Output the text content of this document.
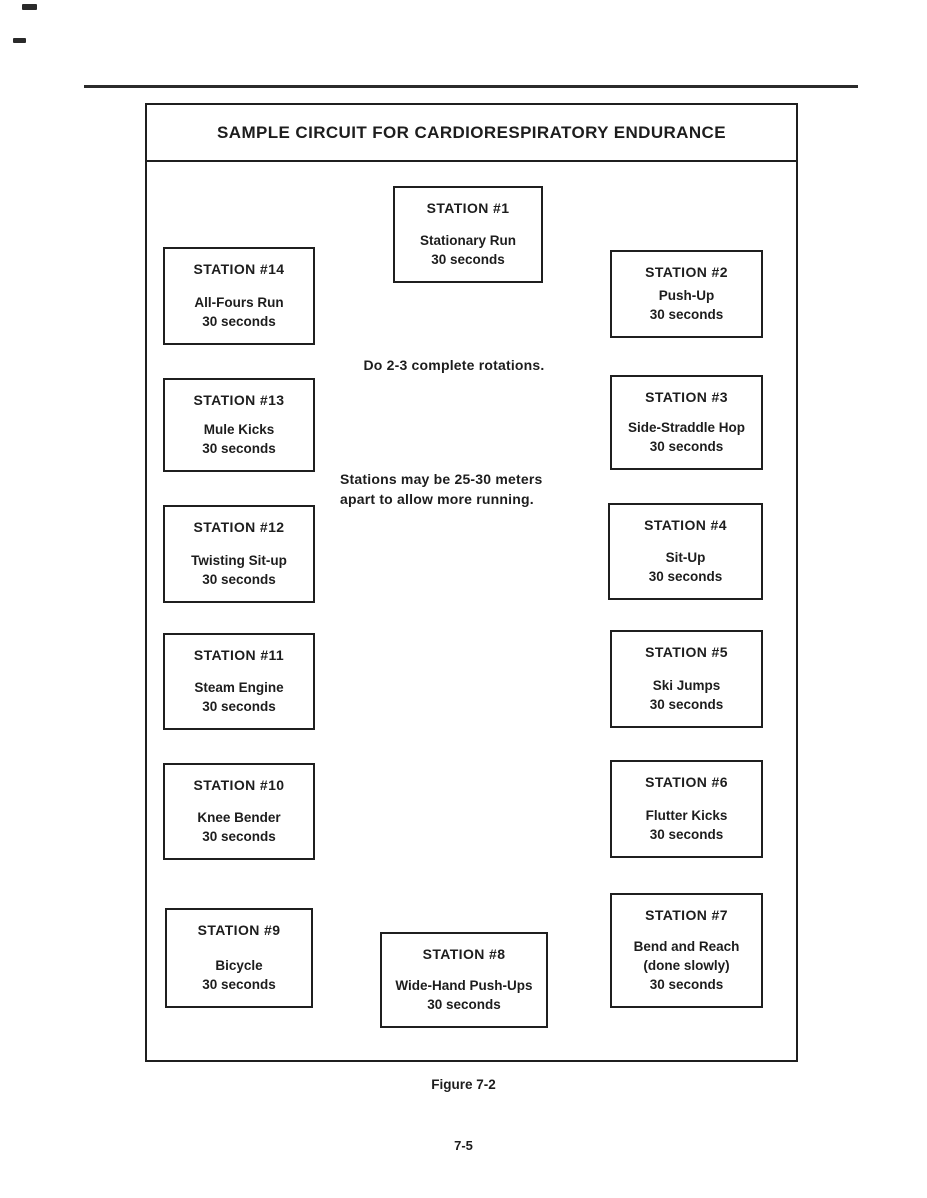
SAMPLE CIRCUIT FOR CARDIORESPIRATORY ENDURANCE
STATION #1
Stationary Run
30 seconds
STATION #14
All-Fours Run
30 seconds
STATION #2
Push-Up
30 seconds
Do 2-3 complete rotations.
STATION #13
Mule Kicks
30 seconds
STATION #3
Side-Straddle Hop
30 seconds
Stations may be 25-30 meters
apart to allow more running.
STATION #12
Twisting Sit-up
30 seconds
STATION #4
Sit-Up
30 seconds
STATION #11
Steam Engine
30 seconds
STATION #5
Ski Jumps
30 seconds
STATION #10
Knee Bender
30 seconds
STATION #6
Flutter Kicks
30 seconds
STATION #9
Bicycle
30 seconds
STATION #7
Bend and Reach
(done slowly)
30 seconds
STATION #8
Wide-Hand Push-Ups
30 seconds
Figure 7-2
7-5
